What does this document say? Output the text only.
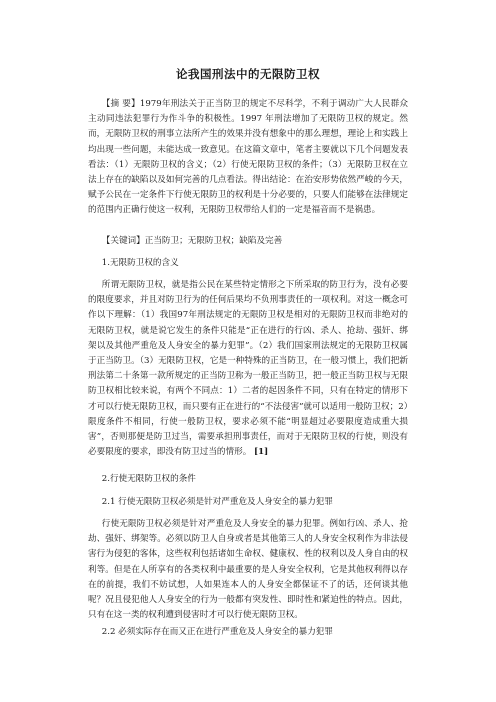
论我国刑法中的无限防卫权

【摘 要】1979年刑法关于正当防卫的规定不尽科学，不利于调动广大人民群众主动同违法犯罪行为作斗争的积极性。1997 年刑法增加了无限防卫权的规定。然而，无限防卫权的刑事立法所产生的效果并没有想象中的那么理想，理论上和实践上均出现一些问题，未能达成一致意见。在这篇文章中，笔者主要就以下几个问题发表看法：（1）无限防卫权的含义；（2）行使无限防卫权的条件；（3）无限防卫权在立法上存在的缺陷以及如何完善的几点看法。得出结论：在治安形势依然严峻的今天，赋予公民在一定条件下行使无限防卫的权利是十分必要的，只要人们能够在法律规定的范围内正确行使这一权利，无限防卫权带给人们的一定是福音而不是祸患。

【关键词】正当防卫；无限防卫权；缺陷及完善
1.无限防卫权的含义

所谓无限防卫权，就是指公民在某些特定情形之下所采取的防卫行为，没有必要的限度要求，并且对防卫行为的任何后果均不负刑事责任的一项权利。对这一概念可作以下理解：（1）我国97年刑法规定的无限防卫权是相对的无限防卫权而非绝对的无限防卫权，就是说它发生的条件只能是“正在进行的行凶、杀人、抢劫、强奸、绑架以及其他严重危及人身安全的暴力犯罪”。（2）我们国家刑法规定的无限防卫权属于正当防卫。（3）无限防卫权，它是一种特殊的正当防卫，在一般习惯上，我们把新刑法第二十条第一款所规定的正当防卫称为一般正当防卫，把一般正当防卫权与无限防卫权相比较来说，有两个不同点：1）二者的起因条件不同，只有在特定的情形下才可以行使无限防卫权，而只要有正在进行的“不法侵害”就可以适用一般防卫权；2）限度条件不相同，行使一般防卫权，要求必须不能“明显超过必要限度造成重大损害”，否则那便是防卫过当，需要承担刑事责任，而对于无限防卫权的行使，则没有必要限度的要求，即没有防卫过当的情形。 [1]

2.行使无限防卫权的条件
2.1 行使无限防卫权必须是针对严重危及人身安全的暴力犯罪

行使无限防卫权必须是针对严重危及人身安全的暴力犯罪。例如行凶、杀人、抢劫、强奸、绑架等。必须以防卫人自身或者是其他第三人的人身安全权利作为非法侵害行为侵犯的客体，这些权利包括诸如生命权、健康权、性的权利以及人身自由的权利等。但是在人所享有的各类权利中最重要的是人身安全权利，它是其他权利得以存在的前提，我们不妨试想，人如果连本人的人身安全都保证不了的话，还何谈其他呢？况且侵犯他人人身安全的行为一般都有突发性、即时性和紧迫性的特点。因此，只有在这一类的权利遭到侵害时才可以行使无限防卫权。

2.2 必须实际存在而又正在进行严重危及人身安全的暴力犯罪
